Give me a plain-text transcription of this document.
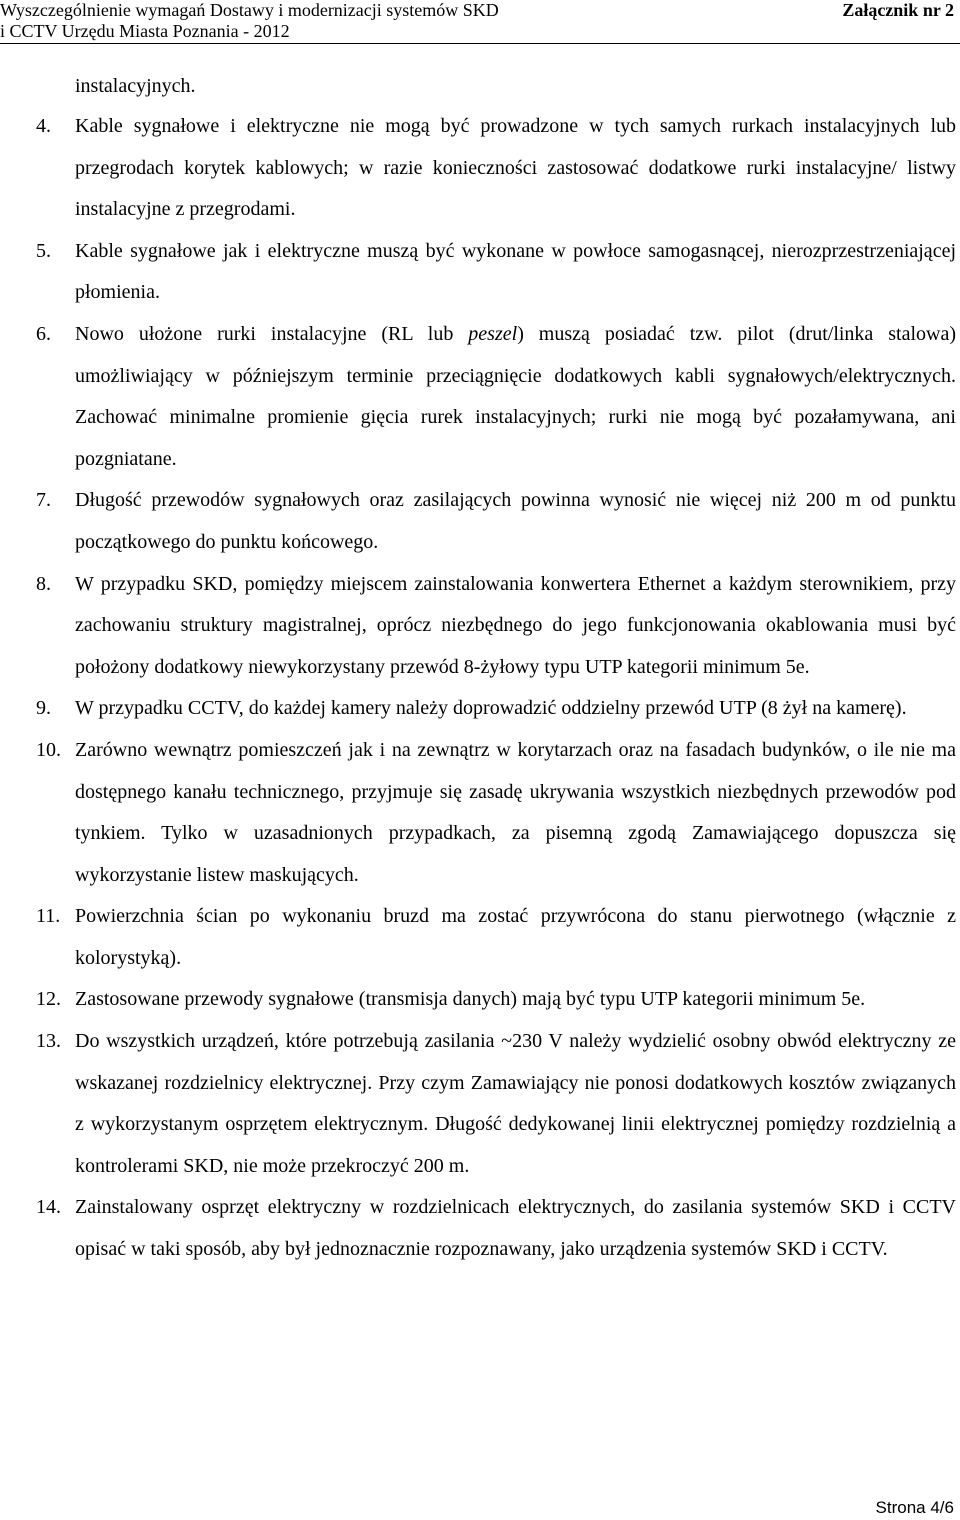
Wyszczególnienie wymagań Dostawy i modernizacji systemów SKD
i CCTV Urzędu Miasta Poznania - 2012
Załącznik nr 2
instalacyjnych.
4. Kable sygnałowe i elektryczne nie mogą być prowadzone w tych samych rurkach instalacyjnych lub przegrodach korytek kablowych; w razie konieczności zastosować dodatkowe rurki instalacyjne/ listwy instalacyjne z przegrodami.
5. Kable sygnałowe jak i elektryczne muszą być wykonane w powłoce samogasnącej, nierozprzestrzeniającej płomienia.
6. Nowo ułożone rurki instalacyjne (RL lub peszel) muszą posiadać tzw. pilot (drut/linka stalowa) umożliwiający w późniejszym terminie przeciągnięcie dodatkowych kabli sygnałowych/elektrycznych. Zachować minimalne promienie gięcia rurek instalacyjnych; rurki nie mogą być pozałamywana, ani pozgniatane.
7. Długość przewodów sygnałowych oraz zasilających powinna wynosić nie więcej niż 200 m od punktu początkowego do punktu końcowego.
8. W przypadku SKD, pomiędzy miejscem zainstalowania konwertera Ethernet a każdym sterownikiem, przy zachowaniu struktury magistralnej, oprócz niezbędnego do jego funkcjonowania okablowania musi być położony dodatkowy niewykorzystany przewód 8-żyłowy typu UTP kategorii minimum 5e.
9. W przypadku CCTV, do każdej kamery należy doprowadzić oddzielny przewód UTP (8 żył na kamerę).
10. Zarówno wewnątrz pomieszczeń jak i na zewnątrz w korytarzach oraz na fasadach budynków, o ile nie ma dostępnego kanału technicznego, przyjmuje się zasadę ukrywania wszystkich niezbędnych przewodów pod tynkiem. Tylko w uzasadnionych przypadkach, za pisemną zgodą Zamawiającego dopuszcza się wykorzystanie listew maskujących.
11. Powierzchnia ścian po wykonaniu bruzd ma zostać przywrócona do stanu pierwotnego (włącznie z kolorystyką).
12. Zastosowane przewody sygnałowe (transmisja danych) mają być typu UTP kategorii minimum 5e.
13. Do wszystkich urządzeń, które potrzebują zasilania ~230 V należy wydzielić osobny obwód elektryczny ze wskazanej rozdzielnicy elektrycznej. Przy czym Zamawiający nie ponosi dodatkowych kosztów związanych z wykorzystanym osprzętem elektrycznym. Długość dedykowanej linii elektrycznej pomiędzy rozdzielnią a kontrolerami SKD, nie może przekroczyć 200 m.
14. Zainstalowany osprzęt elektryczny w rozdzielnicach elektrycznych, do zasilania systemów SKD i CCTV opisać w taki sposób, aby był jednoznacznie rozpoznawany, jako urządzenia systemów SKD i CCTV.
Strona 4/6
